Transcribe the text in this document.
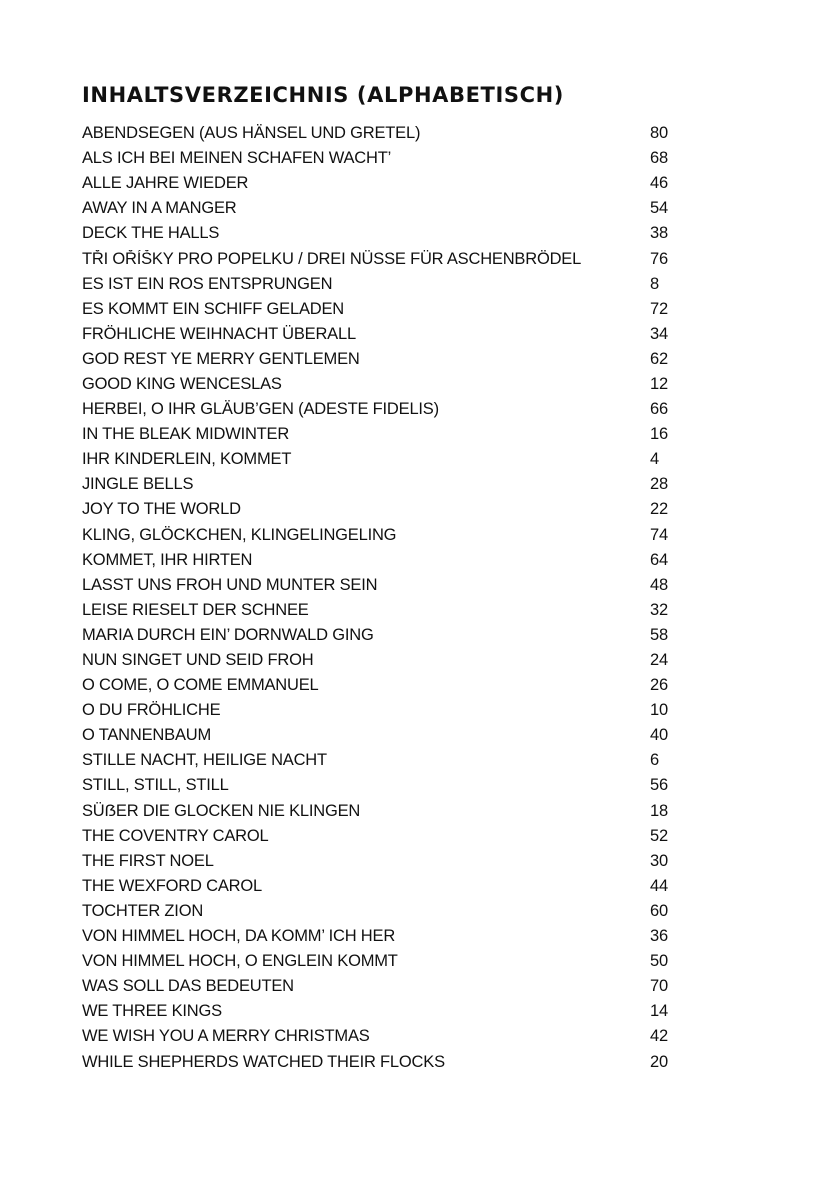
INHALTSVERZEICHNIS (ALPHABETISCH)
ABENDSEGEN (AUS HÄNSEL UND GRETEL)	80
ALS ICH BEI MEINEN SCHAFEN WACHT’	68
ALLE JAHRE WIEDER	46
AWAY IN A MANGER	54
DECK THE HALLS	38
TŘI OŘÍŠKY PRO POPELKU / DREI NÜSSE FÜR ASCHENBRÖDEL	76
ES IST EIN ROS ENTSPRUNGEN	8
ES KOMMT EIN SCHIFF GELADEN	72
FRÖHLICHE WEIHNACHT ÜBERALL	34
GOD REST YE MERRY GENTLEMEN	62
GOOD KING WENCESLAS	12
HERBEI, O IHR GLÄUB’GEN (ADESTE FIDELIS)	66
IN THE BLEAK MIDWINTER	16
IHR KINDERLEIN, KOMMET	4
JINGLE BELLS	28
JOY TO THE WORLD	22
KLING, GLÖCKCHEN, KLINGELINGELING	74
KOMMET, IHR HIRTEN	64
LASST UNS FROH UND MUNTER SEIN	48
LEISE RIESELT DER SCHNEE	32
MARIA DURCH EIN’ DORNWALD GING	58
NUN SINGET UND SEID FROH	24
O COME, O COME EMMANUEL	26
O DU FRÖHLICHE	10
O TANNENBAUM	40
STILLE NACHT, HEILIGE NACHT	6
STILL, STILL, STILL	56
SÜẞER DIE GLOCKEN NIE KLINGEN	18
THE COVENTRY CAROL	52
THE FIRST NOEL	30
THE WEXFORD CAROL	44
TOCHTER ZION	60
VON HIMMEL HOCH, DA KOMM’ ICH HER	36
VON HIMMEL HOCH, O ENGLEIN KOMMT	50
WAS SOLL DAS BEDEUTEN	70
WE THREE KINGS	14
WE WISH YOU A MERRY CHRISTMAS	42
WHILE SHEPHERDS WATCHED THEIR FLOCKS	20
